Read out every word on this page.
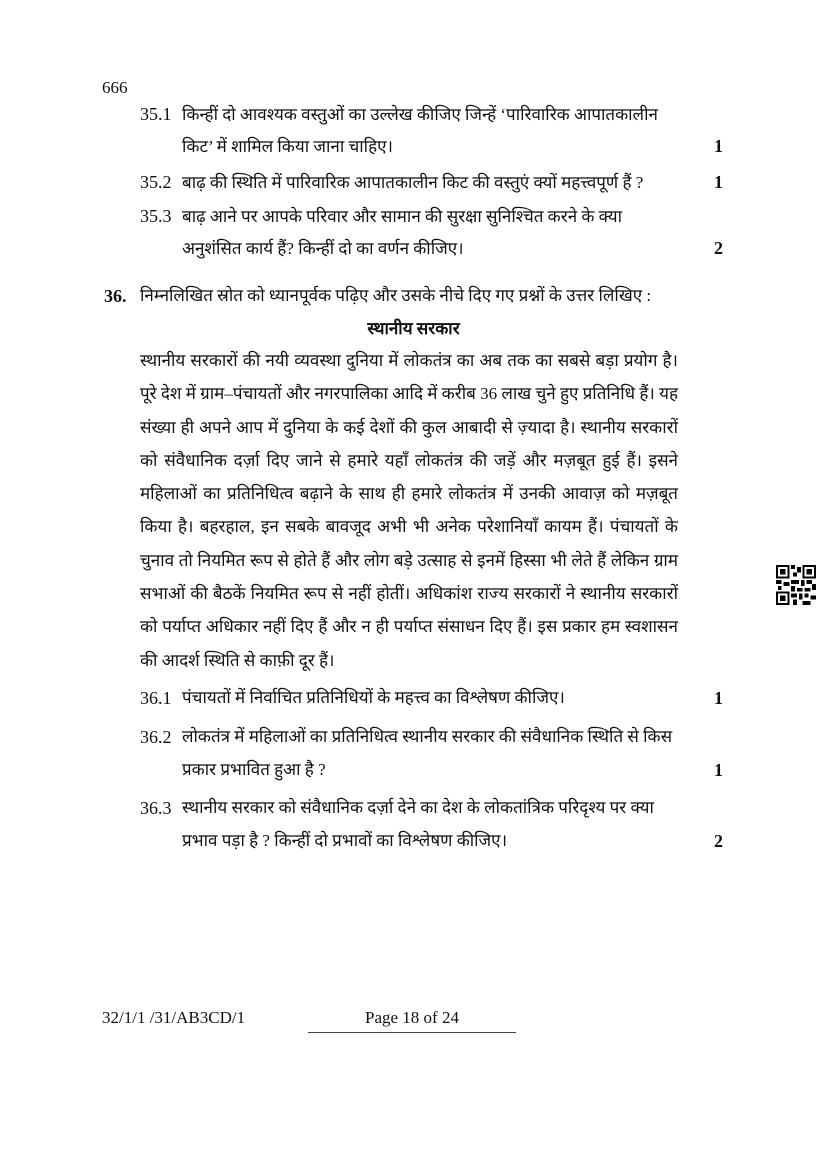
666
35.1 किन्हीं दो आवश्यक वस्तुओं का उल्लेख कीजिए जिन्हें ‘पारिवारिक आपातकालीन
किट’ में शामिल किया जाना चाहिए।	1
35.2 बाढ़ की स्थिति में पारिवारिक आपातकालीन किट की वस्तुएं क्यों महत्त्वपूर्ण हैं ?	1
35.3 बाढ़ आने पर आपके परिवार और सामान की सुरक्षा सुनिश्चित करने के क्या
अनुशंसित कार्य हैं? किन्हीं दो का वर्णन कीजिए।	2
36. निम्नलिखित स्रोत को ध्यानपूर्वक पढ़िए और उसके नीचे दिए गए प्रश्नों के उत्तर लिखिए :
स्थानीय सरकार
स्थानीय सरकारों की नयी व्यवस्था दुनिया में लोकतंत्र का अब तक का सबसे बड़ा प्रयोग है। पूरे देश में ग्राम–पंचायतों और नगरपालिका आदि में करीब 36 लाख चुने हुए प्रतिनिधि हैं। यह संख्या ही अपने आप में दुनिया के कई देशों की कुल आबादी से ज़्यादा है। स्थानीय सरकारों को संवैधानिक दर्ज़ा दिए जाने से हमारे यहाँ लोकतंत्र की जड़ें और मज़बूत हुई हैं। इसने महिलाओं का प्रतिनिधित्व बढ़ाने के साथ ही हमारे लोकतंत्र में उनकी आवाज़ को मज़बूत किया है। बहरहाल, इन सबके बावजूद अभी भी अनेक परेशानियाँ कायम हैं। पंचायतों के चुनाव तो नियमित रूप से होते हैं और लोग बड़े उत्साह से इनमें हिस्सा भी लेते हैं लेकिन ग्राम सभाओं की बैठकें नियमित रूप से नहीं होतीं। अधिकांश राज्य सरकारों ने स्थानीय सरकारों को पर्याप्त अधिकार नहीं दिए हैं और न ही पर्याप्त संसाधन दिए हैं। इस प्रकार हम स्वशासन की आदर्श स्थिति से काफ़ी दूर हैं।
36.1 पंचायतों में निर्वाचित प्रतिनिधियों के महत्त्व का विश्लेषण कीजिए।	1
36.2 लोकतंत्र में महिलाओं का प्रतिनिधित्व स्थानीय सरकार की संवैधानिक स्थिति से किस
प्रकार प्रभावित हुआ है ?	1
36.3 स्थानीय सरकार को संवैधानिक दर्ज़ा देने का देश के लोकतांत्रिक परिदृश्य पर क्या
प्रभाव पड़ा है ? किन्हीं दो प्रभावों का विश्लेषण कीजिए।	2
32/1/1 /31/AB3CD/1	Page 18 of 24
